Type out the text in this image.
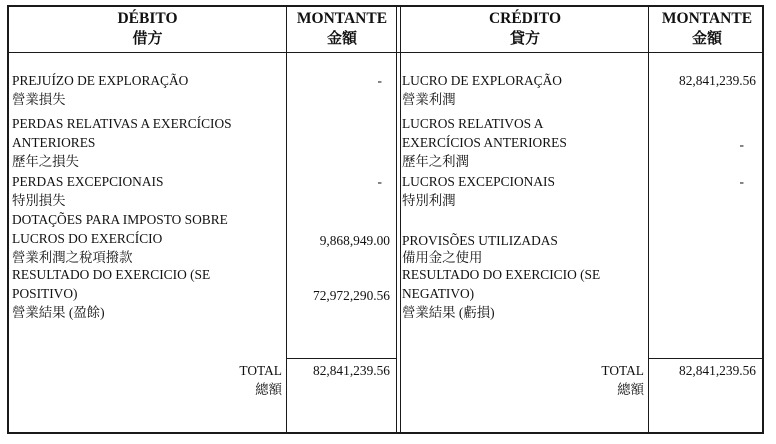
DÉBITO
借方
MONTANTE
金額
CRÉDITO
貸方
MONTANTE
金額
PREJUÍZO DE EXPLORAÇÃO
營業損失
-
PERDAS RELATIVAS A EXERCÍCIOS
ANTERIORES
歷年之損失
PERDAS EXCEPCIONAIS
特別損失
-
DOTAÇÕES PARA IMPOSTO SOBRE
LUCROS DO EXERCÍCIO
營業利潤之稅項撥款
9,868,949.00
RESULTADO DO EXERCICIO (SE
POSITIVO)
營業結果 (盈餘)
72,972,290.56
LUCRO DE EXPLORAÇÃO
營業利潤
82,841,239.56
LUCROS RELATIVOS A
EXERCÍCIOS ANTERIORES
歷年之利潤
-
LUCROS EXCEPCIONAIS
特別利潤
-
PROVISÕES UTILIZADAS
備用金之使用
RESULTADO DO EXERCICIO (SE
NEGATIVO)
營業結果 (虧損)
TOTAL
總額
82,841,239.56	TOTAL
總額
82,841,239.56
